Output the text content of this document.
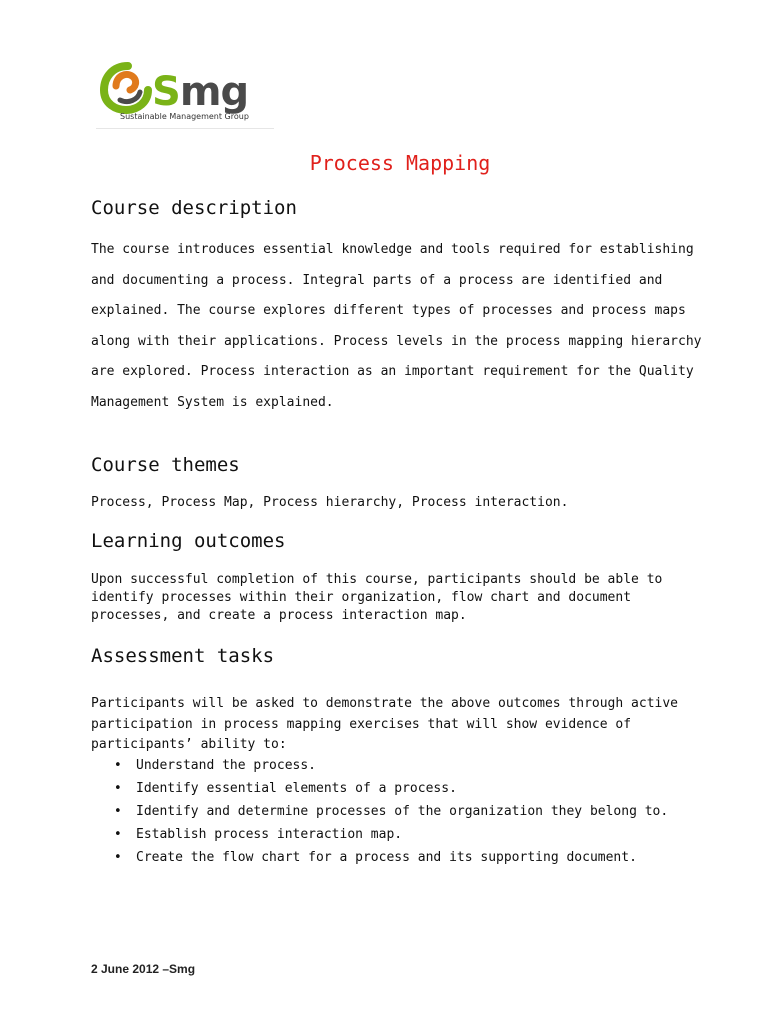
Smg
Sustainable Management Group
Process Mapping
Course description
The course introduces essential knowledge and tools required for establishing and documenting a process. Integral parts of a process are identified and explained. The course explores different types of processes and process maps along with their applications. Process levels in the process mapping hierarchy are explored. Process interaction as an important requirement for the Quality Management System is explained.
Course themes
Process, Process Map, Process hierarchy, Process interaction.
Learning outcomes
Upon successful completion of this course, participants should be able to identify processes within their organization, flow chart and document processes, and create a process interaction map.
Assessment tasks
Participants will be asked to demonstrate the above outcomes through active participation in process mapping exercises that will show evidence of participants’ ability to:
• Understand the process.
• Identify essential elements of a process.
• Identify and determine processes of the organization they belong to.
• Establish process interaction map.
• Create the flow chart for a process and its supporting document.
2 June 2012 –Smg
